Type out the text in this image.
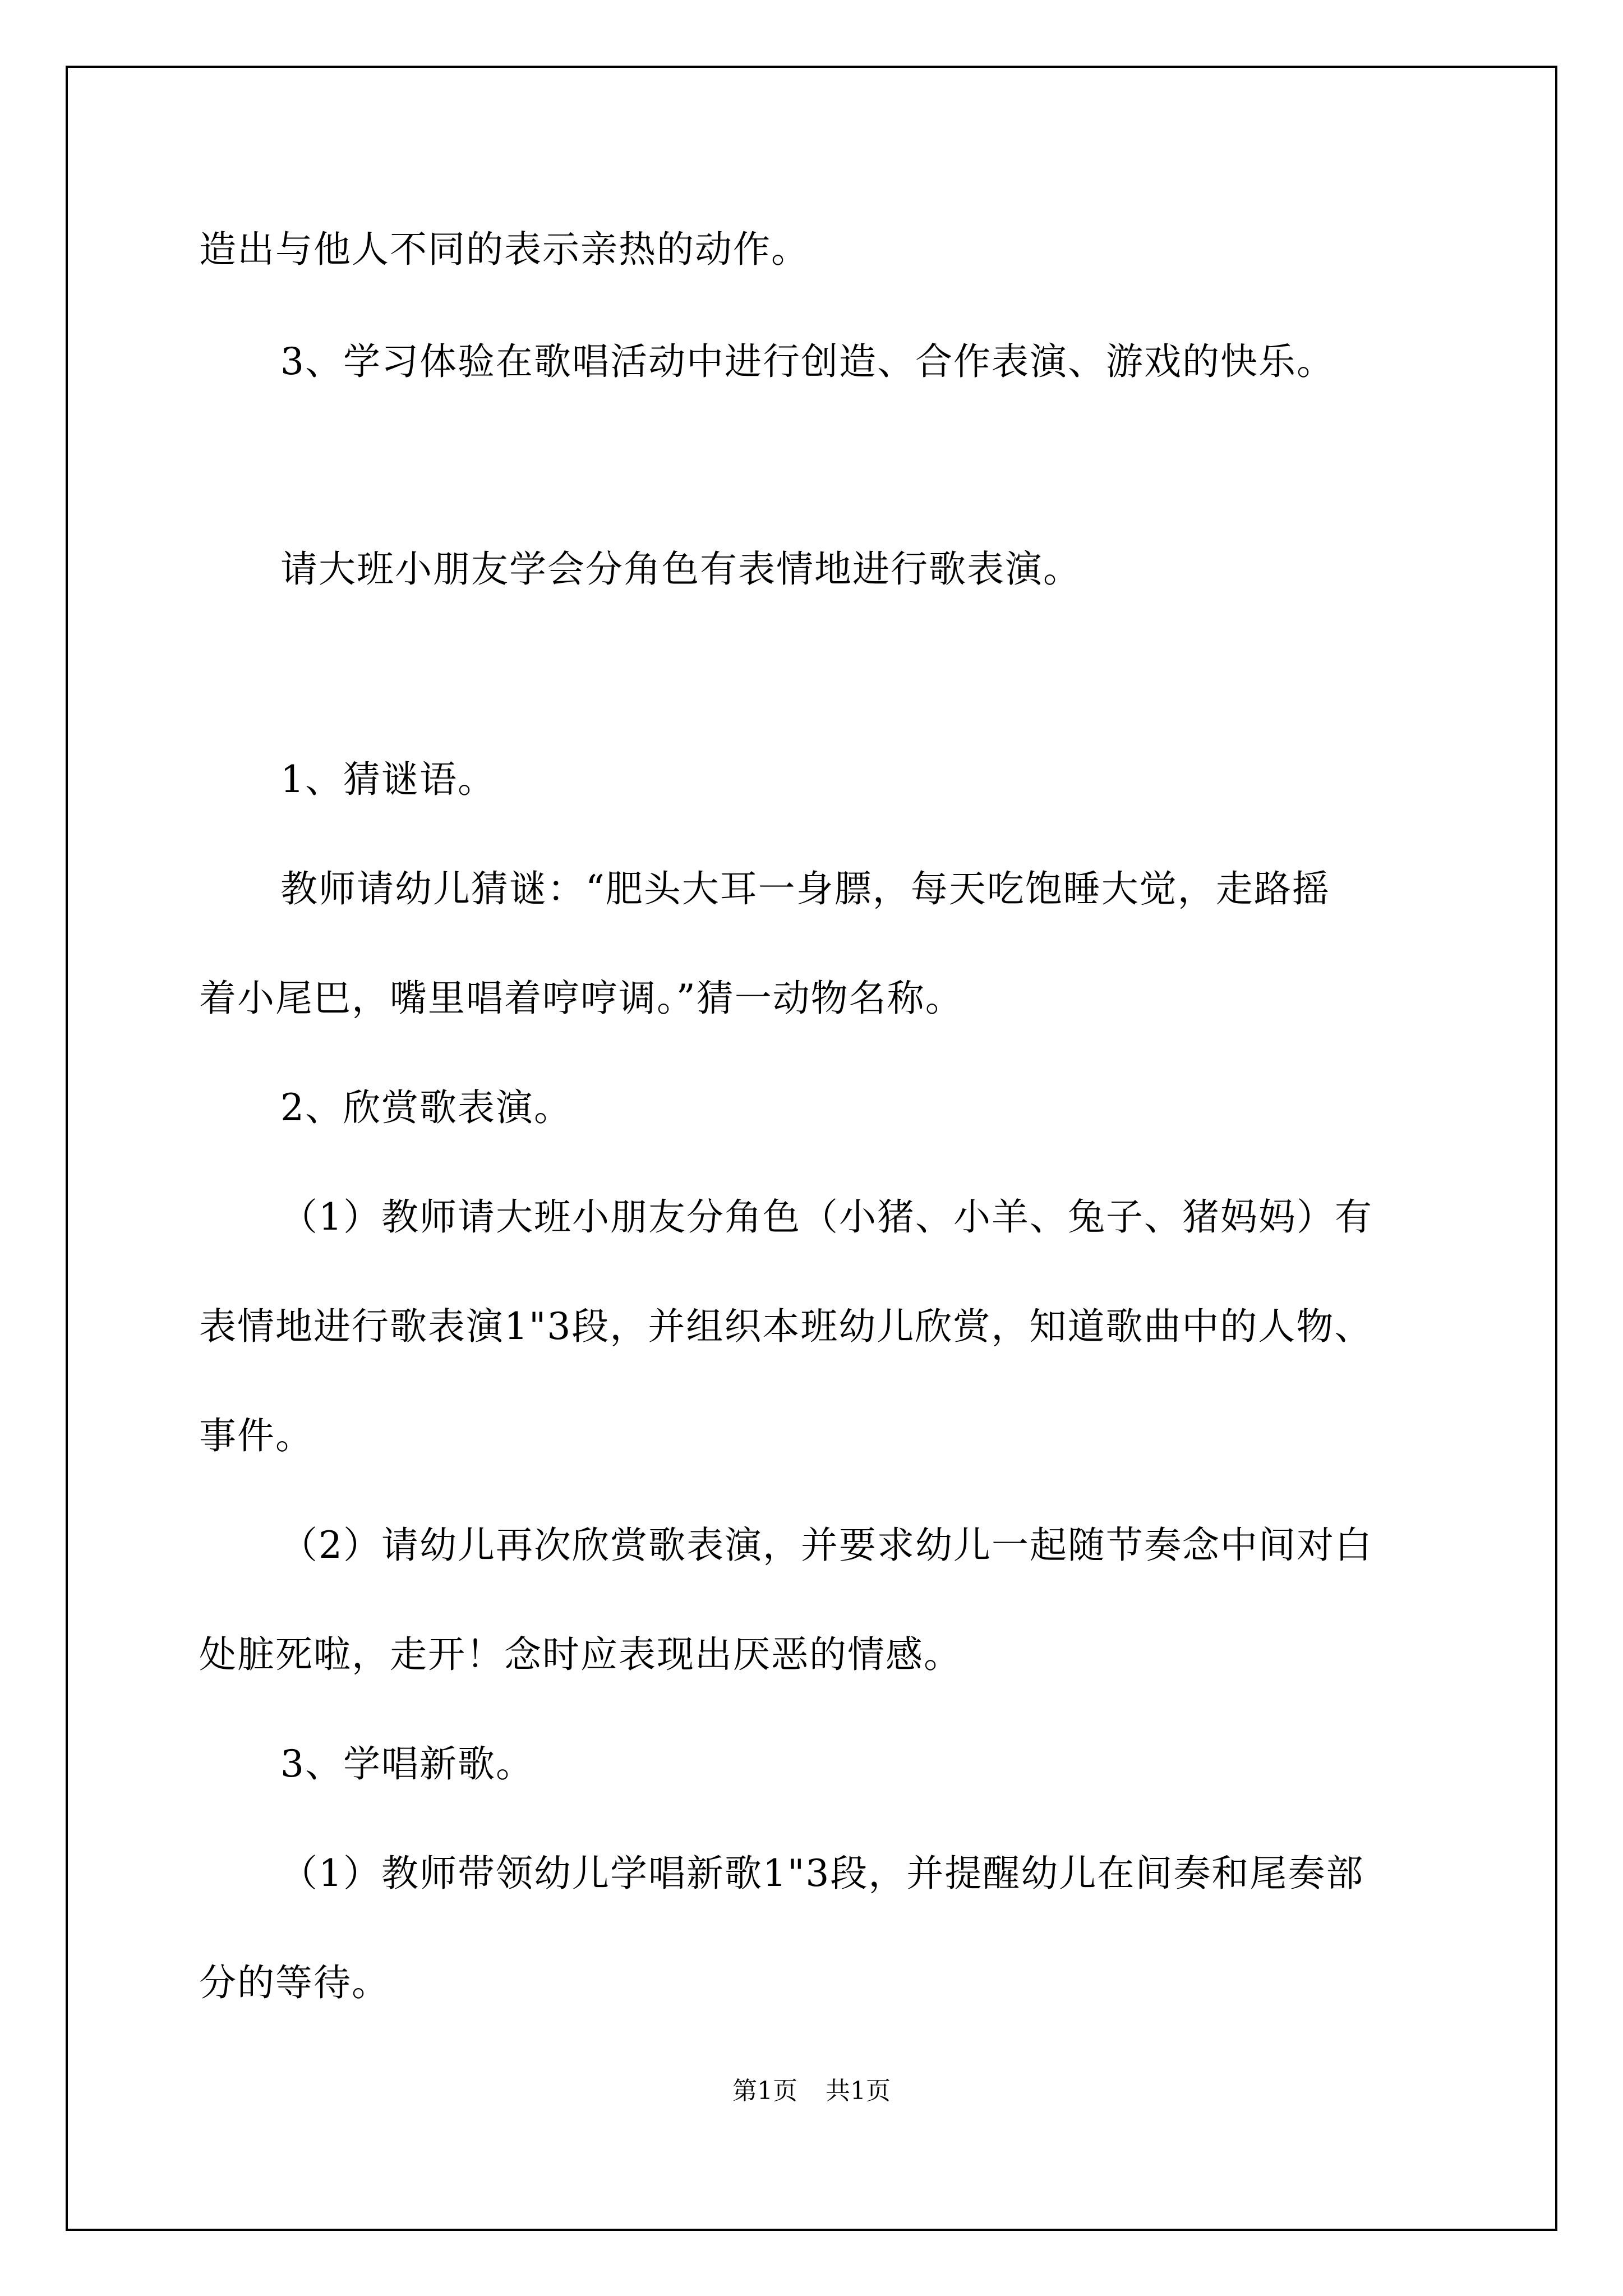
造出与他人不同的表示亲热的动作。
3、学习体验在歌唱活动中进行创造、合作表演、游戏的快乐。
请大班小朋友学会分角色有表情地进行歌表演。
1、猜谜语。
教师请幼儿猜谜：“肥头大耳一身膘，每天吃饱睡大觉，走路摇
着小尾巴，嘴里唱着哼哼调。”猜一动物名称。
2、欣赏歌表演。
（1）教师请大班小朋友分角色（小猪、小羊、兔子、猪妈妈）有
表情地进行歌表演1"3段，并组织本班幼儿欣赏，知道歌曲中的人物、
事件。
（2）请幼儿再次欣赏歌表演，并要求幼儿一起随节奏念中间对白
处脏死啦，走开！念时应表现出厌恶的情感。
3、学唱新歌。
（1）教师带领幼儿学唱新歌1"3段，并提醒幼儿在间奏和尾奏部
分的等待。
第1页 共1页
